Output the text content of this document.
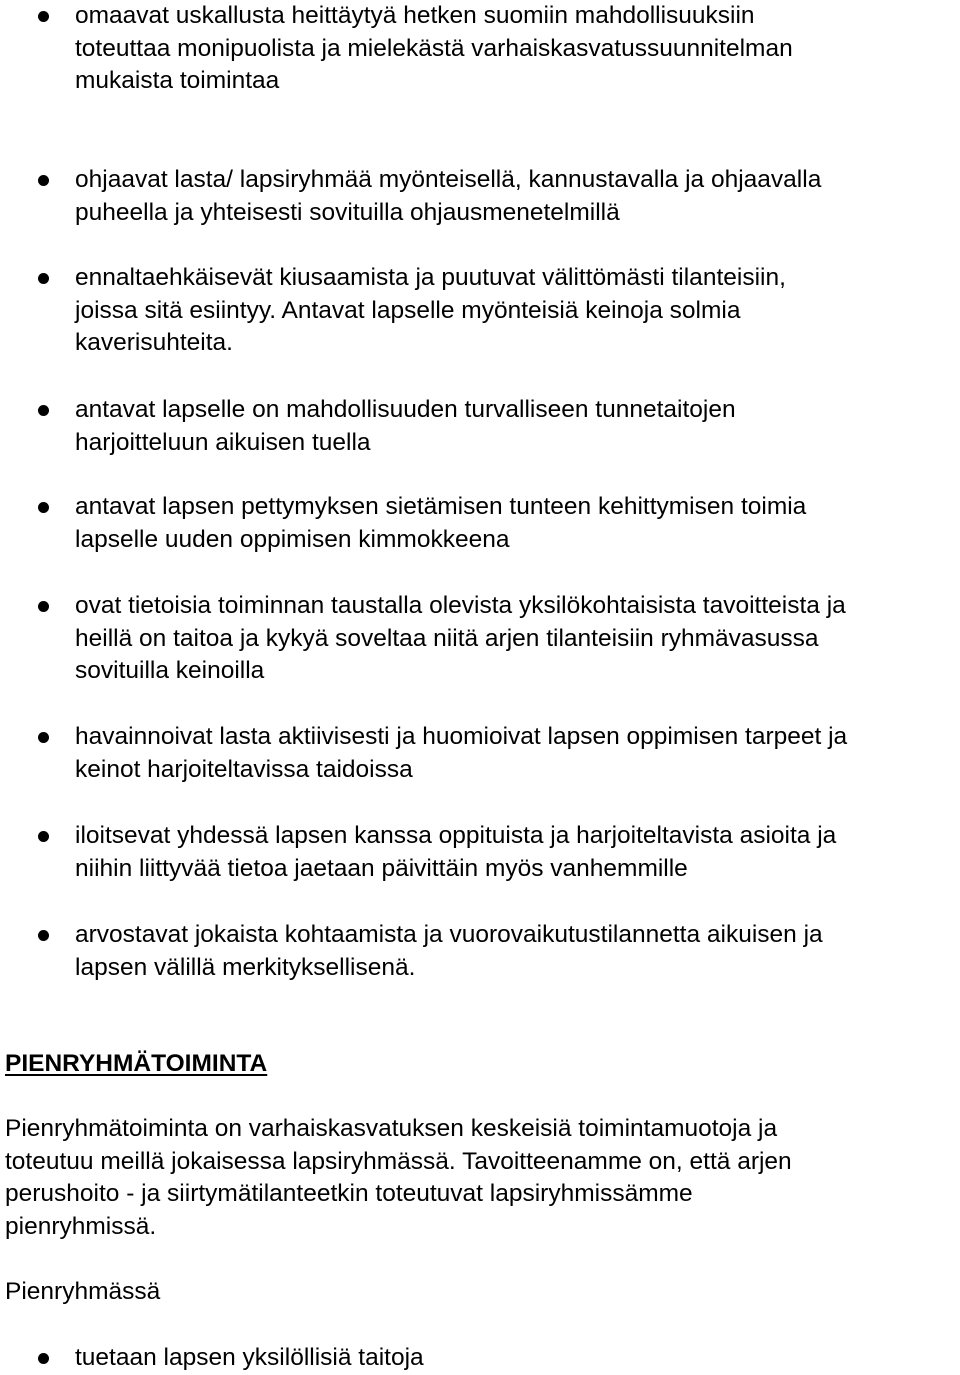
omaavat uskallusta heittäytyä hetken suomiin mahdollisuuksiin
toteuttaa monipuolista ja mielekästä varhaiskasvatussuunnitelman
mukaista toimintaa
ohjaavat lasta/ lapsiryhmää myönteisellä, kannustavalla ja ohjaavalla
puheella ja yhteisesti sovituilla ohjausmenetelmillä
ennaltaehkäisevät kiusaamista ja puutuvat välittömästi tilanteisiin,
joissa sitä esiintyy. Antavat lapselle myönteisiä keinoja solmia
kaverisuhteita.
antavat lapselle on mahdollisuuden turvalliseen tunnetaitojen
harjoitteluun aikuisen tuella
antavat lapsen pettymyksen sietämisen tunteen kehittymisen toimia
lapselle uuden oppimisen kimmokkeena
ovat tietoisia toiminnan taustalla olevista yksilökohtaisista tavoitteista ja
heillä on taitoa ja kykyä soveltaa niitä arjen tilanteisiin ryhmävasussa
sovituilla keinoilla
havainnoivat lasta aktiivisesti ja huomioivat lapsen oppimisen tarpeet ja
keinot harjoiteltavissa taidoissa
iloitsevat yhdessä lapsen kanssa oppituista ja harjoiteltavista asioita ja
niihin liittyvää tietoa jaetaan päivittäin myös vanhemmille
arvostavat jokaista kohtaamista ja vuorovaikutustilannetta aikuisen ja
lapsen välillä merkityksellisenä.
PIENRYHMÄTOIMINTA
Pienryhmätoiminta on varhaiskasvatuksen keskeisiä toimintamuotoja ja
toteutuu meillä jokaisessa lapsiryhmässä. Tavoitteenamme on, että arjen
perushoito - ja siirtymätilanteetkin toteutuvat lapsiryhmissämme
pienryhmissä.
Pienryhmässä
tuetaan lapsen yksilöllisiä taitoja
